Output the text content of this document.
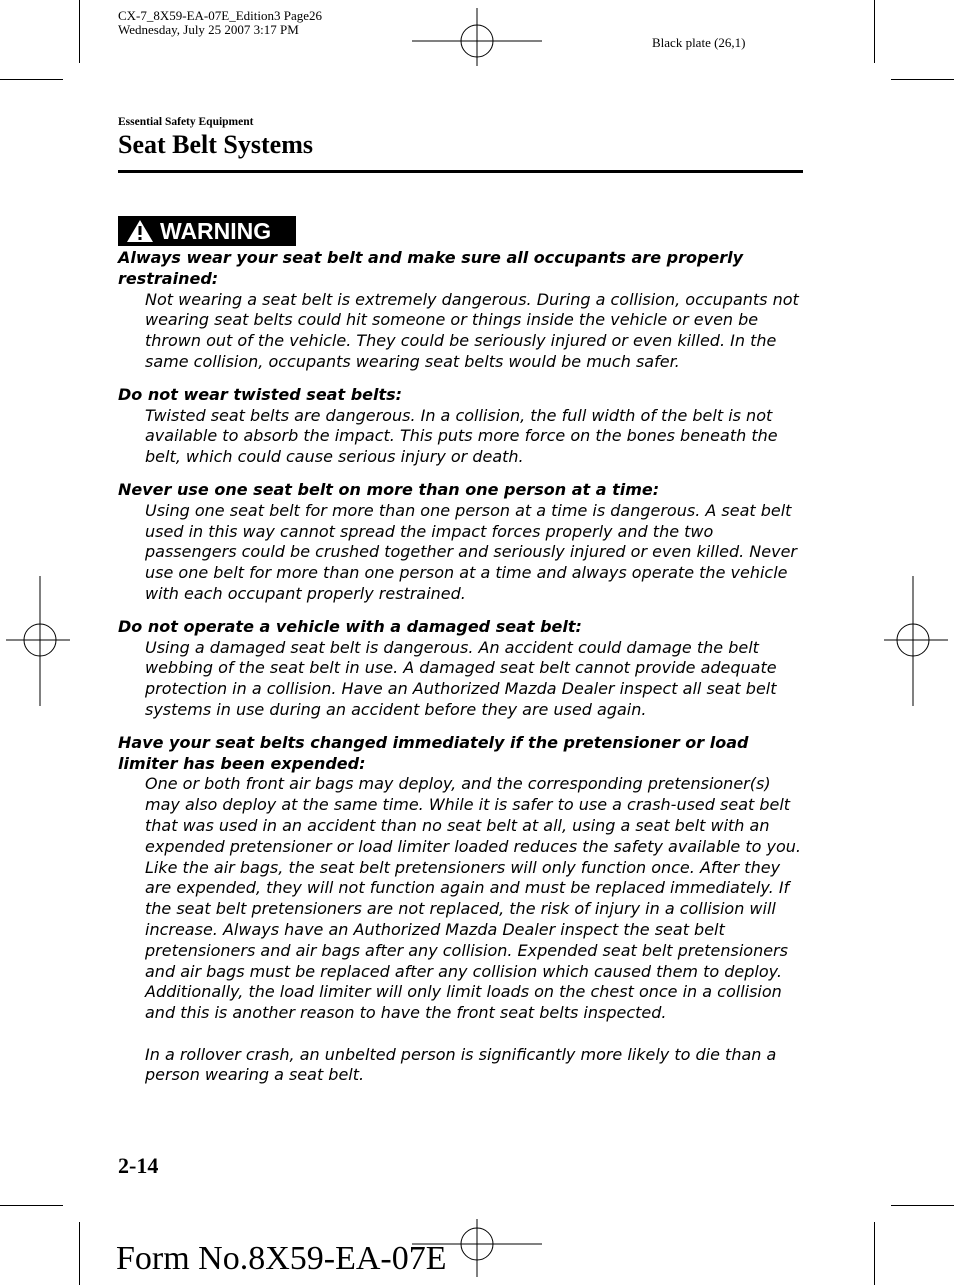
CX-7_8X59-EA-07E_Edition3 Page26
Wednesday, July 25 2007 3:17 PM
Black plate (26,1)
Essential Safety Equipment
Seat Belt Systems
WARNING
Always wear your seat belt and make sure all occupants are properly restrained:

Not wearing a seat belt is extremely dangerous. During a collision, occupants not wearing seat belts could hit someone or things inside the vehicle or even be thrown out of the vehicle. They could be seriously injured or even killed. In the same collision, occupants wearing seat belts would be much safer.

Do not wear twisted seat belts:

Twisted seat belts are dangerous. In a collision, the full width of the belt is not available to absorb the impact. This puts more force on the bones beneath the belt, which could cause serious injury or death.

Never use one seat belt on more than one person at a time:

Using one seat belt for more than one person at a time is dangerous. A seat belt used in this way cannot spread the impact forces properly and the two passengers could be crushed together and seriously injured or even killed. Never use one belt for more than one person at a time and always operate the vehicle with each occupant properly restrained.

Do not operate a vehicle with a damaged seat belt:

Using a damaged seat belt is dangerous. An accident could damage the belt webbing of the seat belt in use. A damaged seat belt cannot provide adequate protection in a collision. Have an Authorized Mazda Dealer inspect all seat belt systems in use during an accident before they are used again.

Have your seat belts changed immediately if the pretensioner or load limiter has been expended:

One or both front air bags may deploy, and the corresponding pretensioner(s) may also deploy at the same time. While it is safer to use a crash-used seat belt that was used in an accident than no seat belt at all, using a seat belt with an expended pretensioner or load limiter loaded reduces the safety available to you. Like the air bags, the seat belt pretensioners will only function once. After they are expended, they will not function again and must be replaced immediately. If the seat belt pretensioners are not replaced, the risk of injury in a collision will increase. Always have an Authorized Mazda Dealer inspect the seat belt pretensioners and air bags after any collision. Expended seat belt pretensioners and air bags must be replaced after any collision which caused them to deploy. Additionally, the load limiter will only limit loads on the chest once in a collision and this is another reason to have the front seat belts inspected.

In a rollover crash, an unbelted person is significantly more likely to die than a person wearing a seat belt.

2-14
Form No.8X59-EA-07E
